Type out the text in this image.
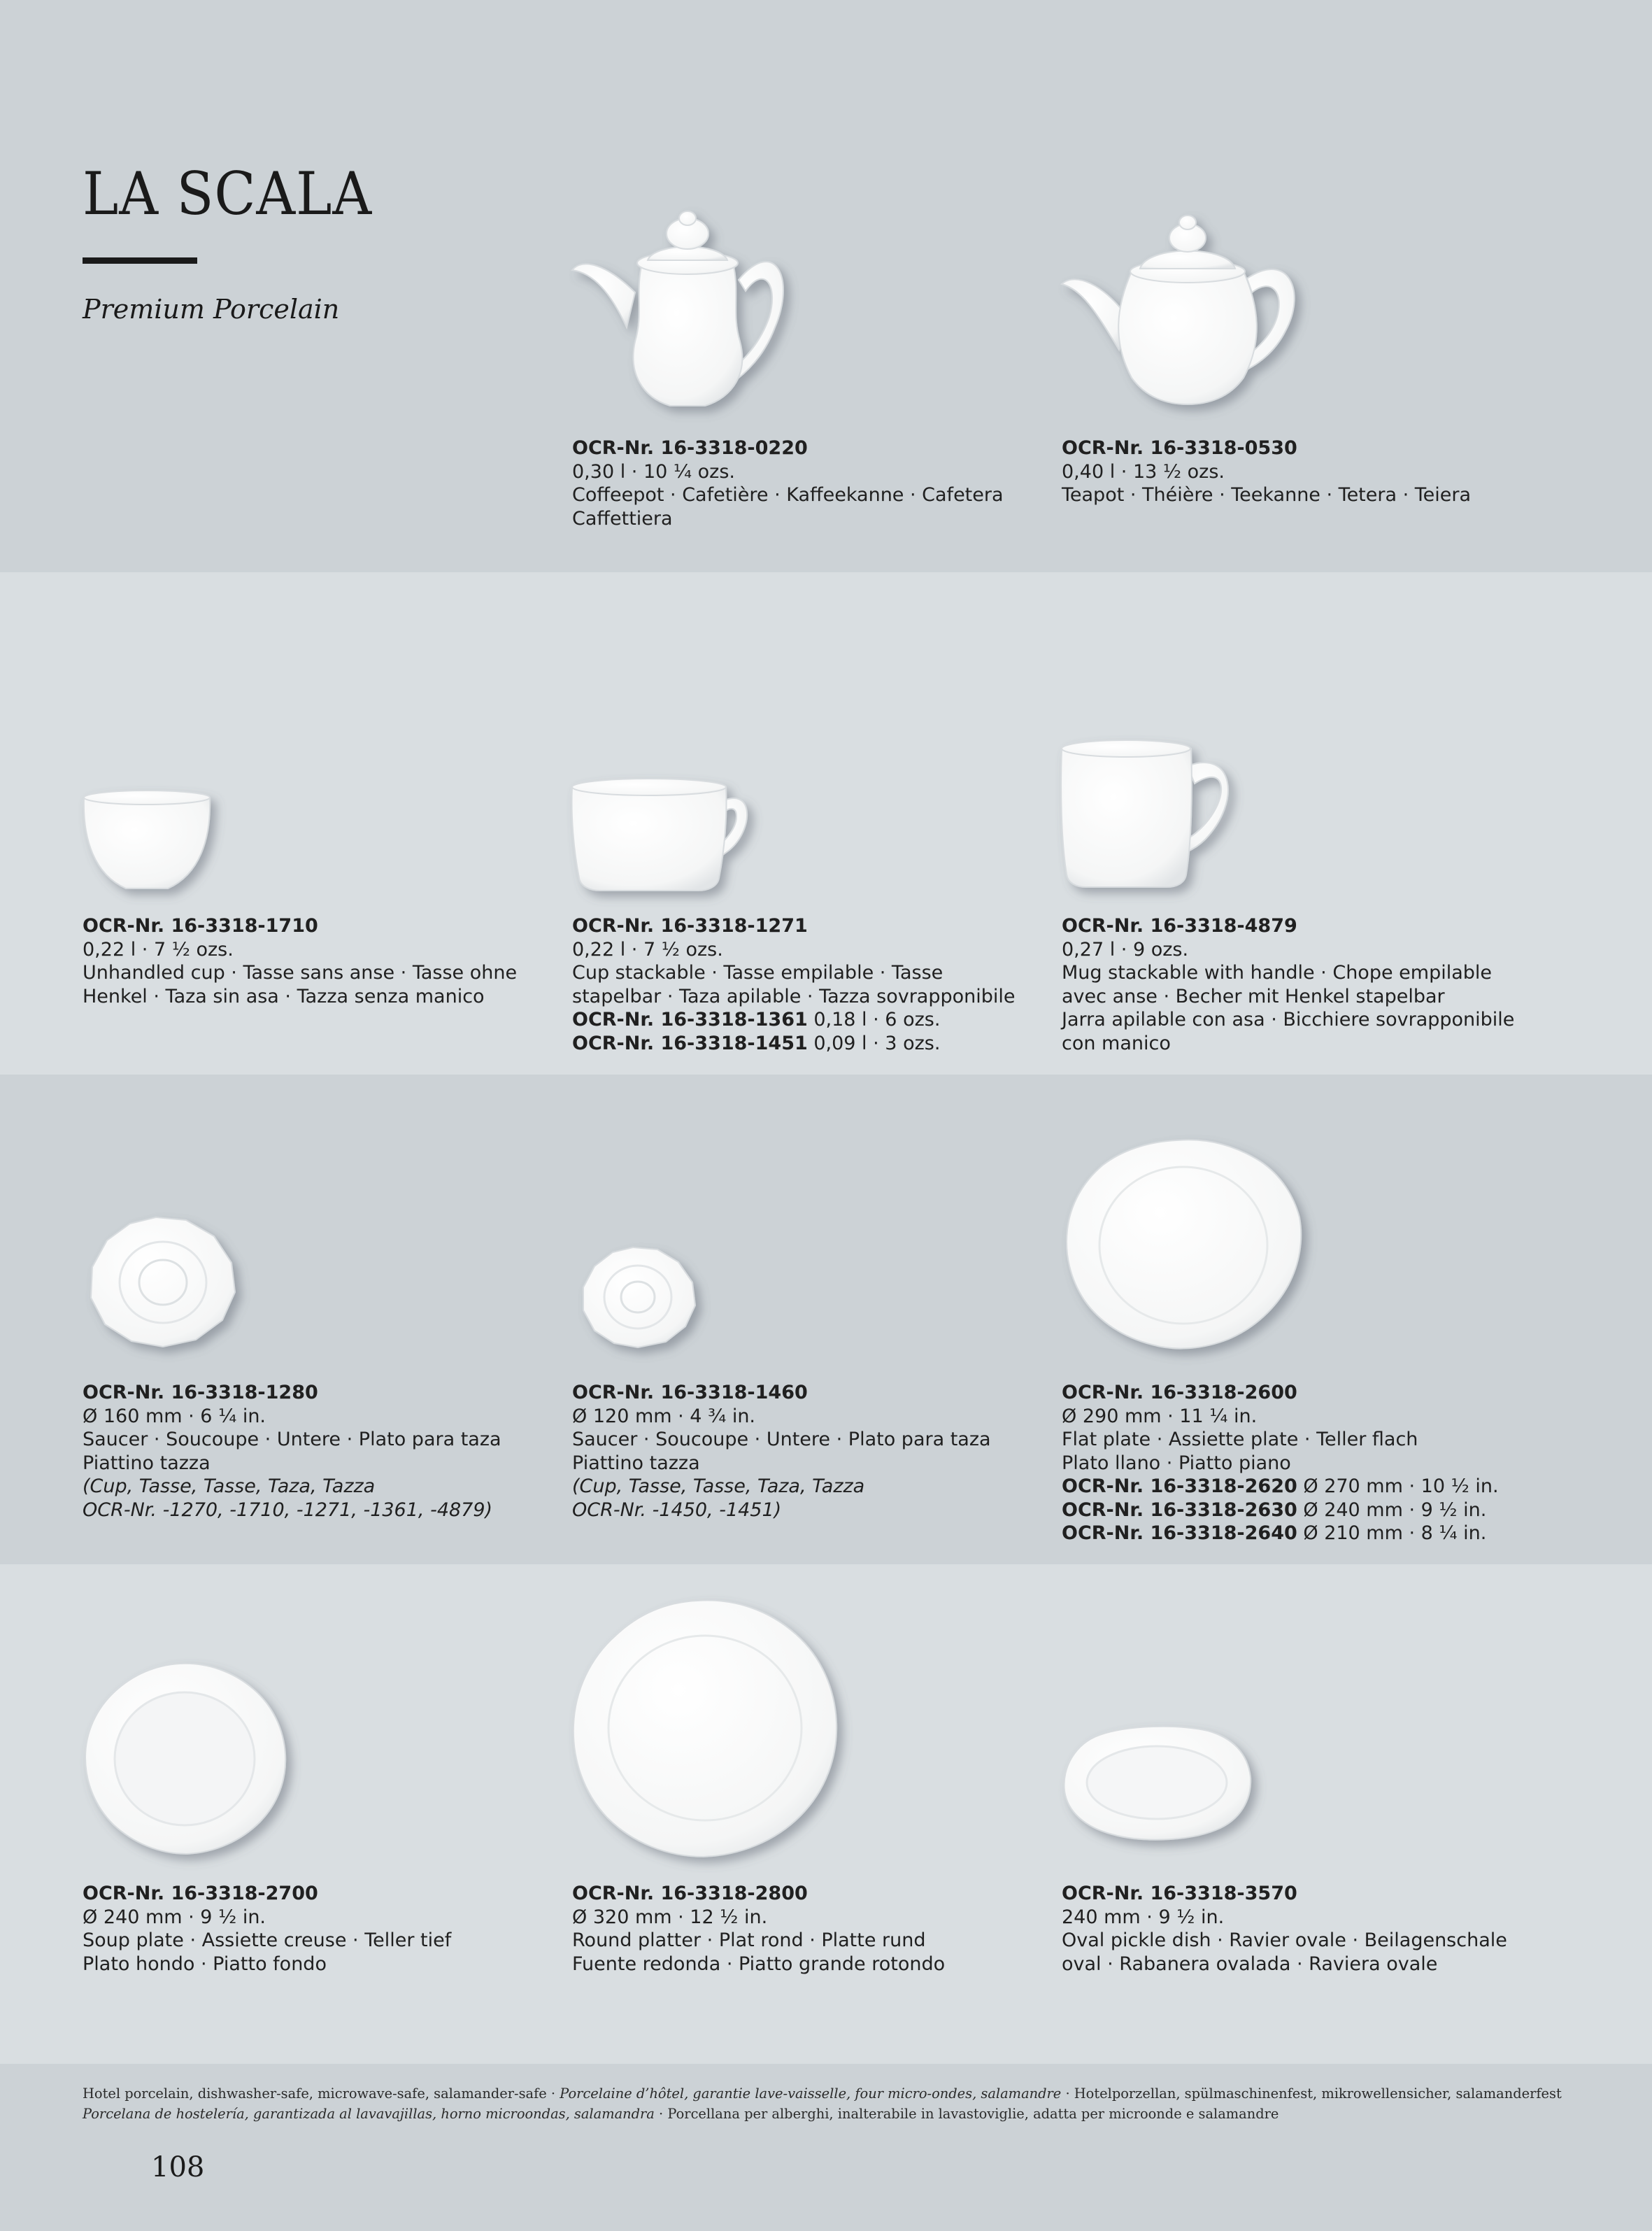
LA SCALA
Premium Porcelain
OCR-Nr. 16-3318-0220
0,30 l · 10 ¼ ozs.
Coffeepot · Cafetière · Kaffeekanne · Cafetera
Caffettiera
OCR-Nr. 16-3318-0530
0,40 l · 13 ½ ozs.
Teapot · Théière · Teekanne · Tetera · Teiera
OCR-Nr. 16-3318-1710
0,22 l · 7 ½ ozs.
Unhandled cup · Tasse sans anse · Tasse ohne
Henkel · Taza sin asa · Tazza senza manico
OCR-Nr. 16-3318-1271
0,22 l · 7 ½ ozs.
Cup stackable · Tasse empilable · Tasse
stapelbar · Taza apilable · Tazza sovrapponibile
OCR-Nr. 16-3318-1361 0,18 l · 6 ozs.
OCR-Nr. 16-3318-1451 0,09 l · 3 ozs.
OCR-Nr. 16-3318-4879
0,27 l · 9 ozs.
Mug stackable with handle · Chope empilable
avec anse · Becher mit Henkel stapelbar
Jarra apilable con asa · Bicchiere sovrapponibile
con manico
OCR-Nr. 16-3318-1280
Ø 160 mm · 6 ¼ in.
Saucer · Soucoupe · Untere · Plato para taza
Piattino tazza
(Cup, Tasse, Tasse, Taza, Tazza
OCR-Nr. -1270, -1710, -1271, -1361, -4879)
OCR-Nr. 16-3318-1460
Ø 120 mm · 4 ¾ in.
Saucer · Soucoupe · Untere · Plato para taza
Piattino tazza
(Cup, Tasse, Tasse, Taza, Tazza
OCR-Nr. -1450, -1451)
OCR-Nr. 16-3318-2600
Ø 290 mm · 11 ¼ in.
Flat plate · Assiette plate · Teller flach
Plato llano · Piatto piano
OCR-Nr. 16-3318-2620 Ø 270 mm · 10 ½ in.
OCR-Nr. 16-3318-2630 Ø 240 mm · 9 ½ in.
OCR-Nr. 16-3318-2640 Ø 210 mm · 8 ¼ in.
OCR-Nr. 16-3318-2700
Ø 240 mm · 9 ½ in.
Soup plate · Assiette creuse · Teller tief
Plato hondo · Piatto fondo
OCR-Nr. 16-3318-2800
Ø 320 mm · 12 ½ in.
Round platter · Plat rond · Platte rund
Fuente redonda · Piatto grande rotondo
OCR-Nr. 16-3318-3570
240 mm · 9 ½ in.
Oval pickle dish · Ravier ovale · Beilagenschale
oval · Rabanera ovalada · Raviera ovale
Hotel porcelain, dishwasher-safe, microwave-safe, salamander-safe · Porcelaine d’hôtel, garantie lave-vaisselle, four micro-ondes, salamandre · Hotelporzellan, spülmaschinenfest, mikrowellensicher, salamanderfest
Porcelana de hostelería, garantizada al lavavajillas, horno microondas, salamandra · Porcellana per alberghi, inalterabile in lavastoviglie, adatta per microonde e salamandre
108
